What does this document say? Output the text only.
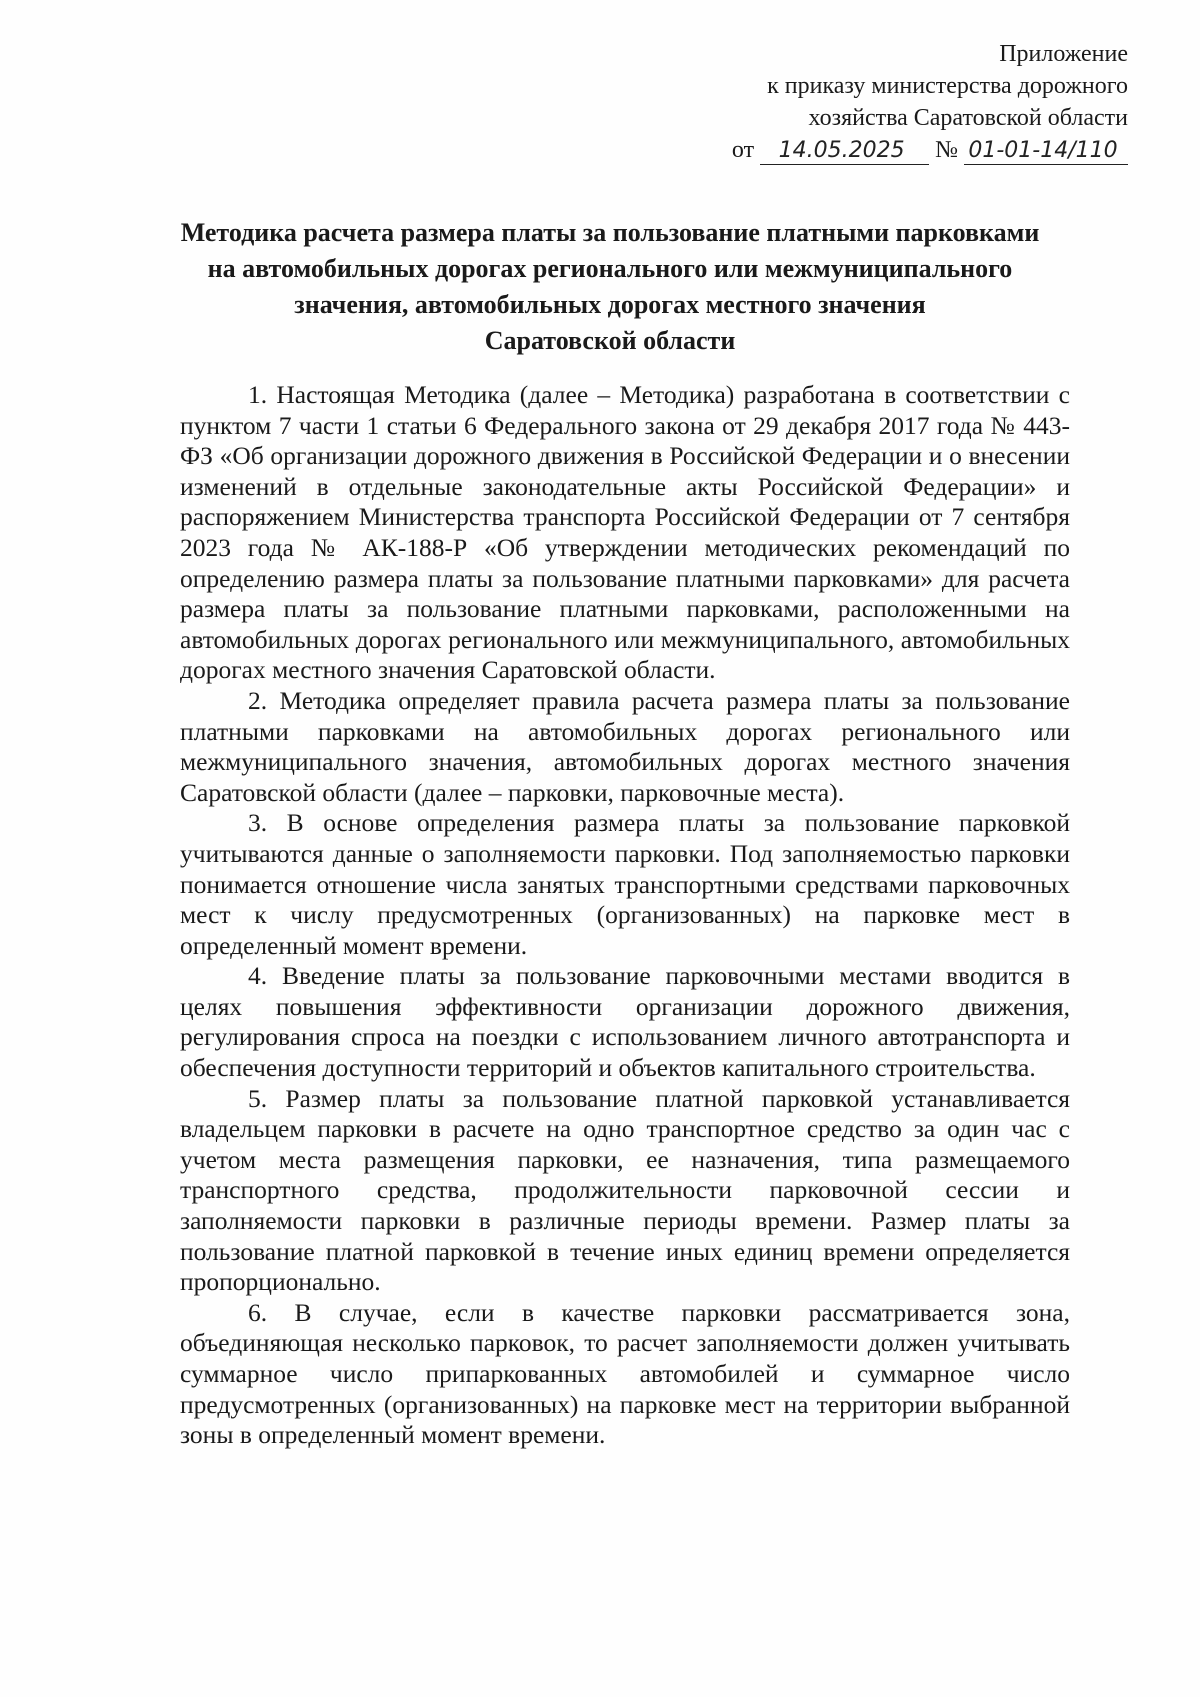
Приложение
к приказу министерства дорожного
хозяйства Саратовской области
от	14.05.2025	№ 01-01-14/110
Методика расчета размера платы за пользование платными парковками
на автомобильных дорогах регионального или межмуниципального
значения, автомобильных дорогах местного значения
Саратовской области

1. Настоящая Методика (далее – Методика) разработана в соответствии с пунктом 7 части 1 статьи 6 Федерального закона от 29 декабря 2017 года № 443-ФЗ «Об организации дорожного движения в Российской Федерации и о внесении изменений в отдельные законодательные акты Российской Федерации» и распоряжением Министерства транспорта Российской Федерации от 7 сентября 2023 года № АК-188-Р «Об утверждении методических рекомендаций по определению размера платы за пользование платными парковками» для расчета размера платы за пользование платными парковками, расположенными на автомобильных дорогах регионального или межмуниципального, автомобильных дорогах местного значения Саратовской области.

2. Методика определяет правила расчета размера платы за пользование платными парковками на автомобильных дорогах регионального или межмуниципального значения, автомобильных дорогах местного значения Саратовской области (далее – парковки, парковочные места).

3. В основе определения размера платы за пользование парковкой учитываются данные о заполняемости парковки. Под заполняемостью парковки понимается отношение числа занятых транспортными средствами парковочных мест к числу предусмотренных (организованных) на парковке мест в определенный момент времени.

4. Введение платы за пользование парковочными местами вводится в целях повышения эффективности организации дорожного движения, регулирования спроса на поездки с использованием личного автотранспорта и обеспечения доступности территорий и объектов капитального строительства.

5. Размер платы за пользование платной парковкой устанавливается владельцем парковки в расчете на одно транспортное средство за один час с учетом места размещения парковки, ее назначения, типа размещаемого транспортного средства, продолжительности парковочной сессии и заполняемости парковки в различные периоды времени. Размер платы за пользование платной парковкой в течение иных единиц времени определяется пропорционально.

6. В случае, если в качестве парковки рассматривается зона, объединяющая несколько парковок, то расчет заполняемости должен учитывать суммарное число припаркованных автомобилей и суммарное число предусмотренных (организованных) на парковке мест на территории выбранной зоны в определенный момент времени.
